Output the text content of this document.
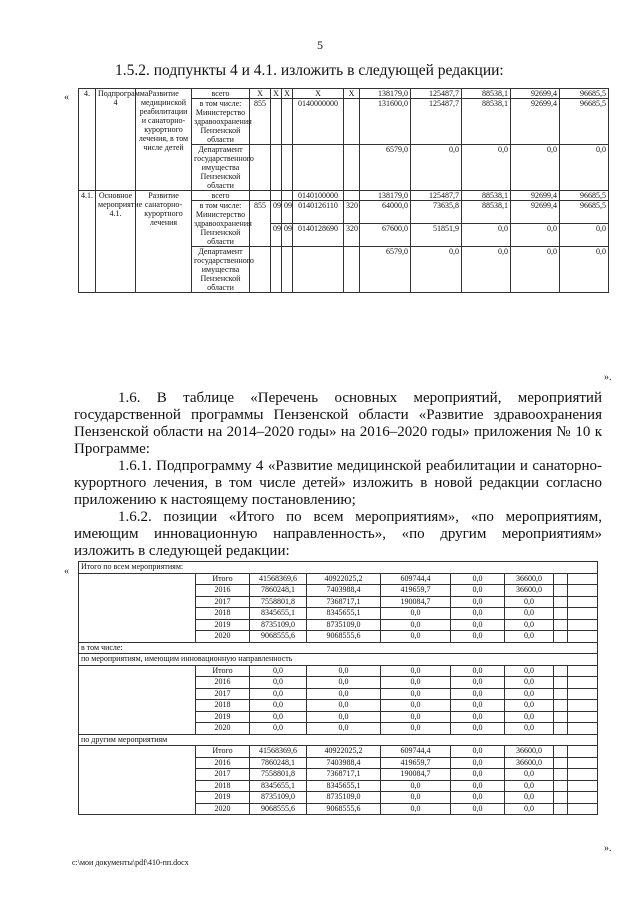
5
1.5.2. подпункты 4 и 4.1. изложить в следующей редакции:
« 4.	Подпрограмма 4	Развитие медицинской реабилитации и санаторно-курортного лечения, в том числе детей	всего	X	X	X	X	X	138179,0	125487,7	88538,1	92699,4	96685,5
			в том числе: Министерство здравоохранения Пензенской области	855			0140000000		131600,0	125487,7	88538,1	92699,4	96685,5
			Департамент государственного имущества Пензенской области						6579,0	0,0	0,0	0,0	0,0
4.1.	Основное мероприятие 4.1.	Развитие санаторно-курортного лечения	всего				0140100000		138179,0	125487,7	88538,1	92699,4	96685,5
			в том числе: Министерство здравоохранения Пензенской области	855	09	09	0140126110	320	64000,0	73635,8	88538,1	92699,4	96685,5
					09	09	0140128690	320	67600,0	51851,9	0,0	0,0	0,0
			Департамент государственного имущества Пензенской области						6579,0	0,0	0,0	0,0	0,0
».
1.6. В таблице «Перечень основных мероприятий, мероприятий государственной программы Пензенской области «Развитие здравоохранения Пензенской области на 2014–2020 годы» на 2016–2020 годы» приложения № 10 к Программе:
1.6.1. Подпрограмму 4 «Развитие медицинской реабилитации и санаторно-курортного лечения, в том числе детей» изложить в новой редакции согласно приложению к настоящему постановлению;
1.6.2. позиции «Итого по всем мероприятиям», «по мероприятиям, имеющим инновационную направленность», «по другим мероприятиям» изложить в следующей редакции:
« Итого по всем мероприятиям:								
	Итого	41568369,6	40922025,2	609744,4	0,0	36600,0		
	2016	7860248,1	7403988,4	419659,7	0,0	36600,0		
	2017	7558801,8	7368717,1	190084,7	0,0	0,0		
	2018	8345655,1	8345655,1	0,0	0,0	0,0		
	2019	8735109,0	8735109,0	0,0	0,0	0,0		
	2020	9068555,6	9068555,6	0,0	0,0	0,0		
в том числе:								
по мероприятиям, имеющим инновационную направленность								
	Итого	0,0	0,0	0,0	0,0	0,0		
	2016	0,0	0,0	0,0	0,0	0,0		
	2017	0,0	0,0	0,0	0,0	0,0		
	2018	0,0	0,0	0,0	0,0	0,0		
	2019	0,0	0,0	0,0	0,0	0,0		
	2020	0,0	0,0	0,0	0,0	0,0		
по другим мероприятиям								
	Итого	41568369,6	40922025,2	609744,4	0,0	36600,0		
	2016	7860248,1	7403988,4	419659,7	0,0	36600,0		
	2017	7558801,8	7368717,1	190084,7	0,0	0,0		
	2018	8345655,1	8345655,1	0,0	0,0	0,0		
	2019	8735109,0	8735109,0	0,0	0,0	0,0		
	2020	9068555,6	9068555,6	0,0	0,0	0,0		
».
c:\мои документы\pdf\410-пп.docx
